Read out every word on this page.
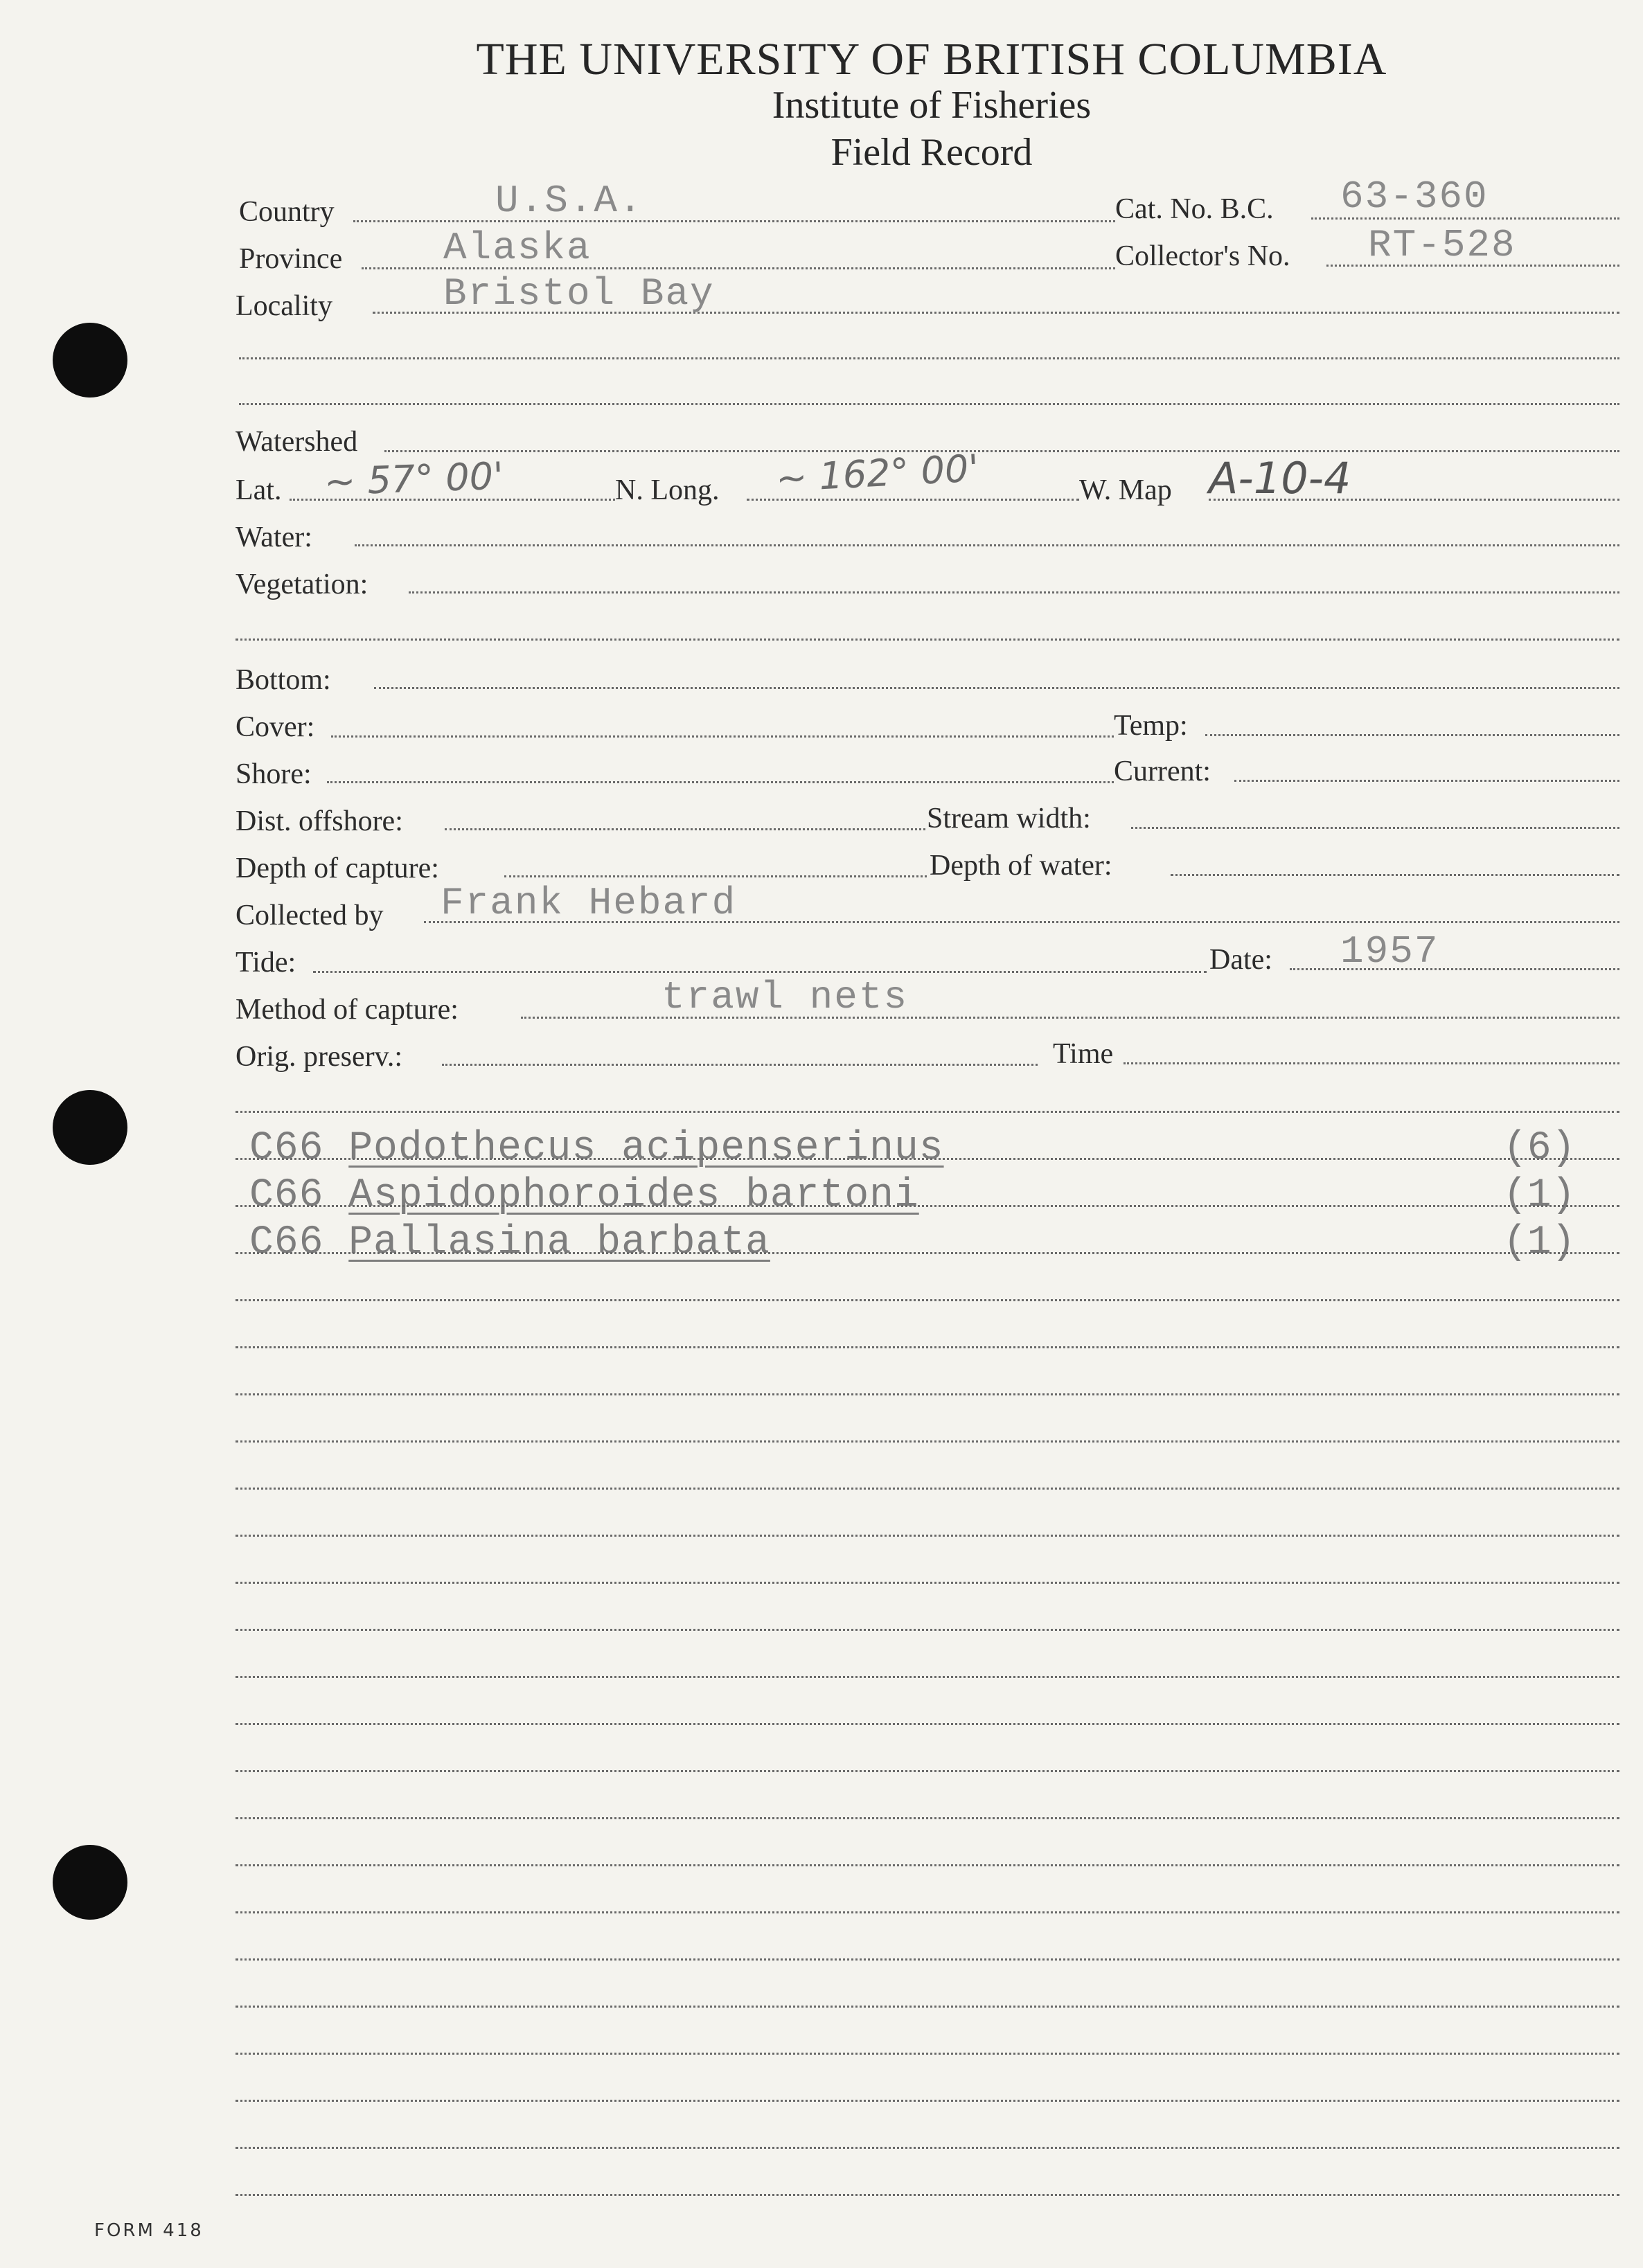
THE UNIVERSITY OF BRITISH COLUMBIA
Institute of Fisheries
Field Record
Country	U.S.A.	Cat. No. B.C. 63-360
Province	Alaska	Collector's No. RT-528
Locality	Bristol Bay
Watershed
Lat. ~ 57° 00'	N. Long. ~ 162° 00'	W. Map A-10-4
Water:
Vegetation:
Bottom:
Cover:	Temp:
Shore:	Current:
Dist. offshore:	Stream width:
Depth of capture:	Depth of water:
Collected by Frank Hebard
Tide:	Date: 1957
Method of capture:	trawl nets
Orig. preserv.:	Time
C66 Podothecus acipenserinus	(6)
C66 Aspidophoroides bartoni	(1)
C66 Pallasina barbata	(1)
FORM 418
